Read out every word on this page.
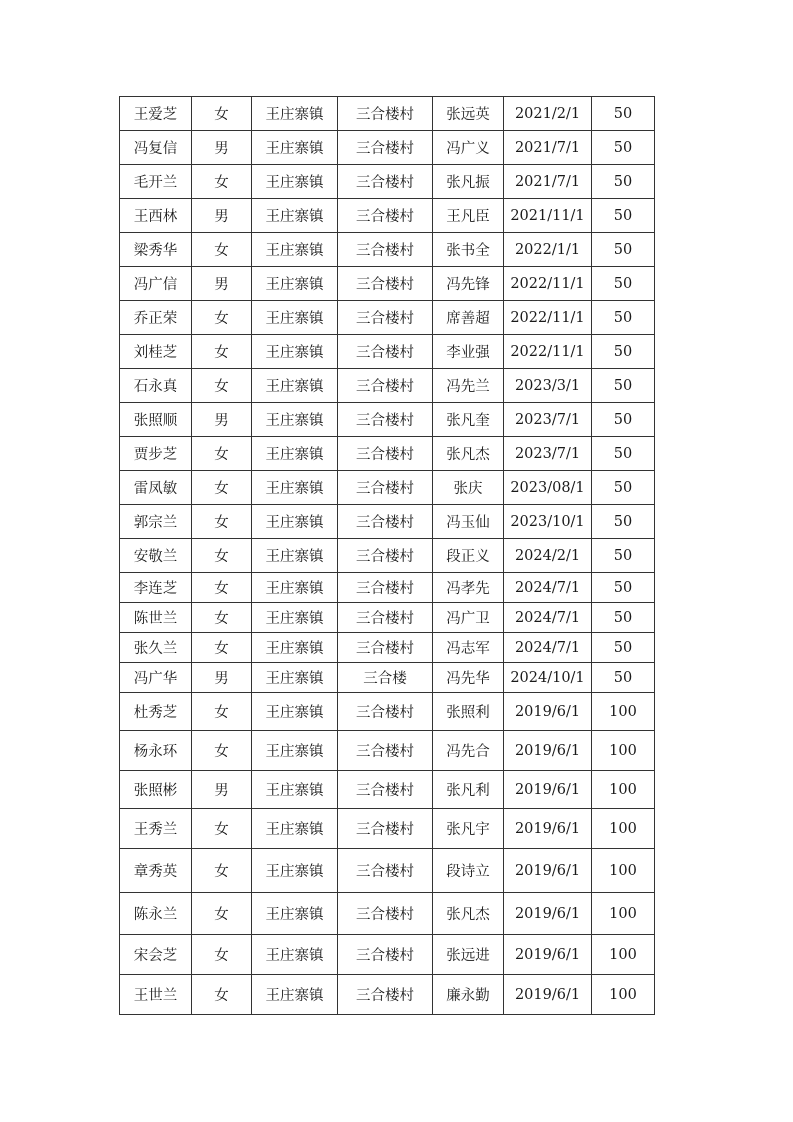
王爱芝	女	王庄寨镇	三合楼村	张远英	2021/2/1	50
冯复信	男	王庄寨镇	三合楼村	冯广义	2021/7/1	50
毛开兰	女	王庄寨镇	三合楼村	张凡振	2021/7/1	50
王西林	男	王庄寨镇	三合楼村	王凡臣	2021/11/1	50
梁秀华	女	王庄寨镇	三合楼村	张书全	2022/1/1	50
冯广信	男	王庄寨镇	三合楼村	冯先锋	2022/11/1	50
乔正荣	女	王庄寨镇	三合楼村	席善超	2022/11/1	50
刘桂芝	女	王庄寨镇	三合楼村	李业强	2022/11/1	50
石永真	女	王庄寨镇	三合楼村	冯先兰	2023/3/1	50
张照顺	男	王庄寨镇	三合楼村	张凡奎	2023/7/1	50
贾步芝	女	王庄寨镇	三合楼村	张凡杰	2023/7/1	50
雷凤敏	女	王庄寨镇	三合楼村	张庆	2023/08/1	50
郭宗兰	女	王庄寨镇	三合楼村	冯玉仙	2023/10/1	50
安敬兰	女	王庄寨镇	三合楼村	段正义	2024/2/1	50
李连芝	女	王庄寨镇	三合楼村	冯孝先	2024/7/1	50
陈世兰	女	王庄寨镇	三合楼村	冯广卫	2024/7/1	50
张久兰	女	王庄寨镇	三合楼村	冯志军	2024/7/1	50
冯广华	男	王庄寨镇	三合楼	冯先华	2024/10/1	50
杜秀芝	女	王庄寨镇	三合楼村	张照利	2019/6/1	100
杨永环	女	王庄寨镇	三合楼村	冯先合	2019/6/1	100
张照彬	男	王庄寨镇	三合楼村	张凡利	2019/6/1	100
王秀兰	女	王庄寨镇	三合楼村	张凡宇	2019/6/1	100
章秀英	女	王庄寨镇	三合楼村	段诗立	2019/6/1	100
陈永兰	女	王庄寨镇	三合楼村	张凡杰	2019/6/1	100
宋会芝	女	王庄寨镇	三合楼村	张远进	2019/6/1	100
王世兰	女	王庄寨镇	三合楼村	廉永勤	2019/6/1	100
